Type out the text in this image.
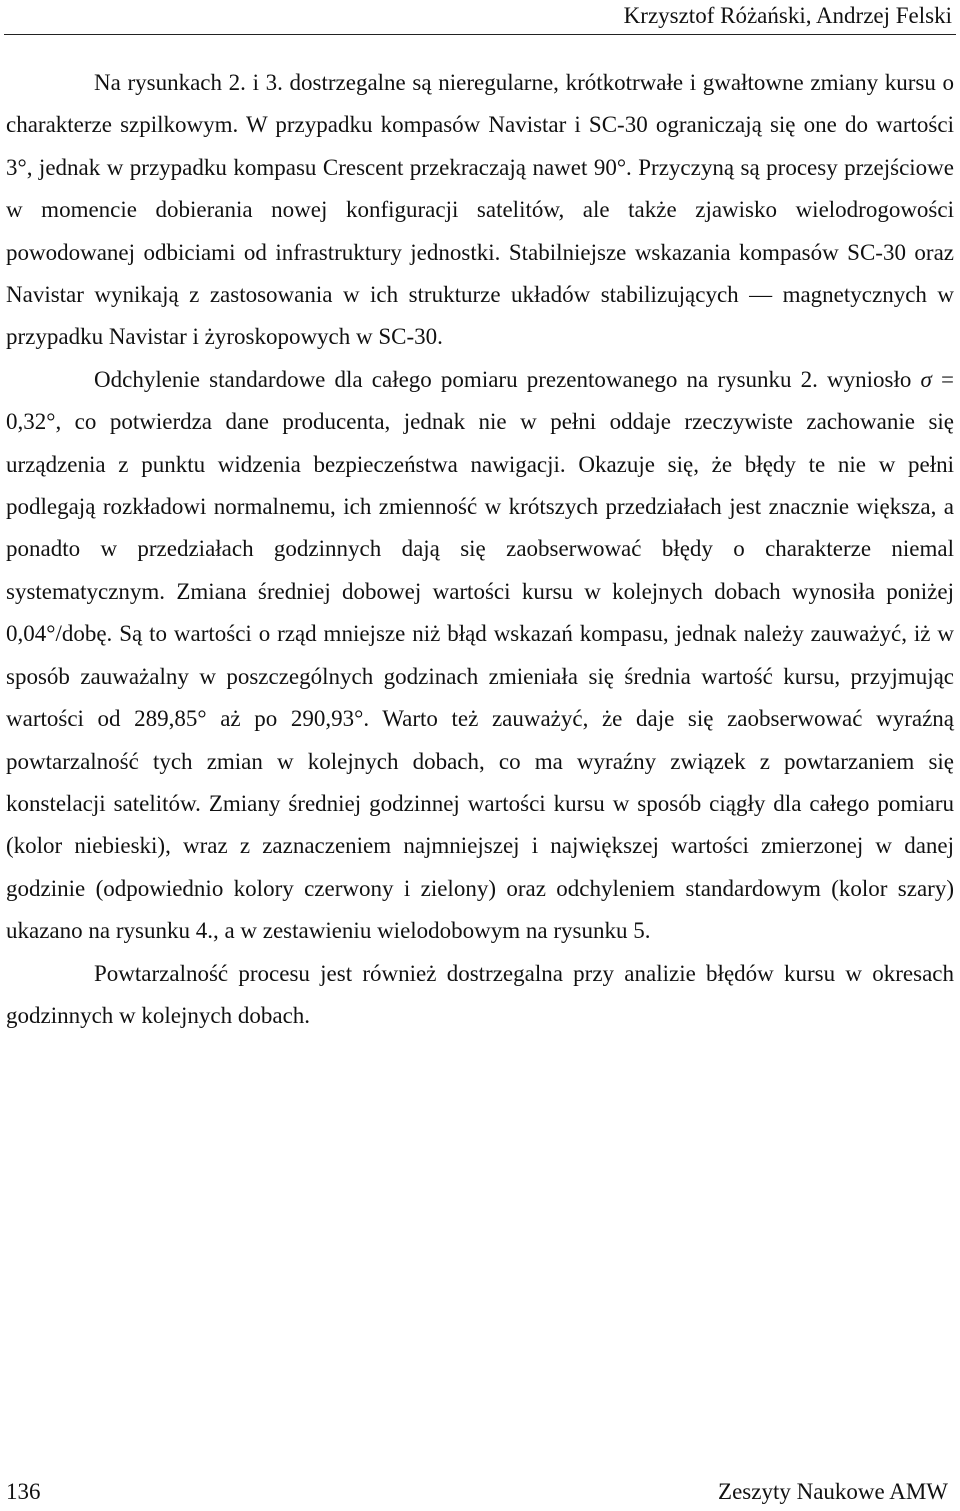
Krzysztof Różański, Andrzej Felski

Na rysunkach 2. i 3. dostrzegalne są nieregularne, krótkotrwałe i gwałtowne zmiany kursu o charakterze szpilkowym. W przypadku kompasów Navistar i SC-30 ograniczają się one do wartości 3°, jednak w przypadku kompasu Crescent przekraczają nawet 90°. Przyczyną są procesy przejściowe w momencie dobierania nowej konfiguracji satelitów, ale także zjawisko wielodrogowości powodowanej odbiciami od infrastruktury jednostki. Stabilniejsze wskazania kompasów SC-30 oraz Navistar wynikają z zastosowania w ich strukturze układów stabilizujących — magnetycznych w przypadku Navistar i żyroskopowych w SC-30.

Odchylenie standardowe dla całego pomiaru prezentowanego na rysunku 2. wyniosło σ = 0,32°, co potwierdza dane producenta, jednak nie w pełni oddaje rzeczywiste zachowanie się urządzenia z punktu widzenia bezpieczeństwa nawigacji. Okazuje się, że błędy te nie w pełni podlegają rozkładowi normalnemu, ich zmienność w krótszych przedziałach jest znacznie większa, a ponadto w przedziałach godzinnych dają się zaobserwować błędy o charakterze niemal systematycznym. Zmiana średniej dobowej wartości kursu w kolejnych dobach wynosiła poniżej 0,04°/dobę. Są to wartości o rząd mniejsze niż błąd wskazań kompasu, jednak należy zauważyć, iż w sposób zauważalny w poszczególnych godzinach zmieniała się średnia wartość kursu, przyjmując wartości od 289,85° aż po 290,93°. Warto też zauważyć, że daje się zaobserwować wyraźną powtarzalność tych zmian w kolejnych dobach, co ma wyraźny związek z powtarzaniem się konstelacji satelitów. Zmiany średniej godzinnej wartości kursu w sposób ciągły dla całego pomiaru (kolor niebieski), wraz z zaznaczeniem najmniejszej i największej wartości zmierzonej w danej godzinie (odpowiednio kolory czerwony i zielony) oraz odchyleniem standardowym (kolor szary) ukazano na rysunku 4., a w zestawieniu wielodobowym na rysunku 5.

Powtarzalność procesu jest również dostrzegalna przy analizie błędów kursu w okresach godzinnych w kolejnych dobach.

136	Zeszyty Naukowe AMW
